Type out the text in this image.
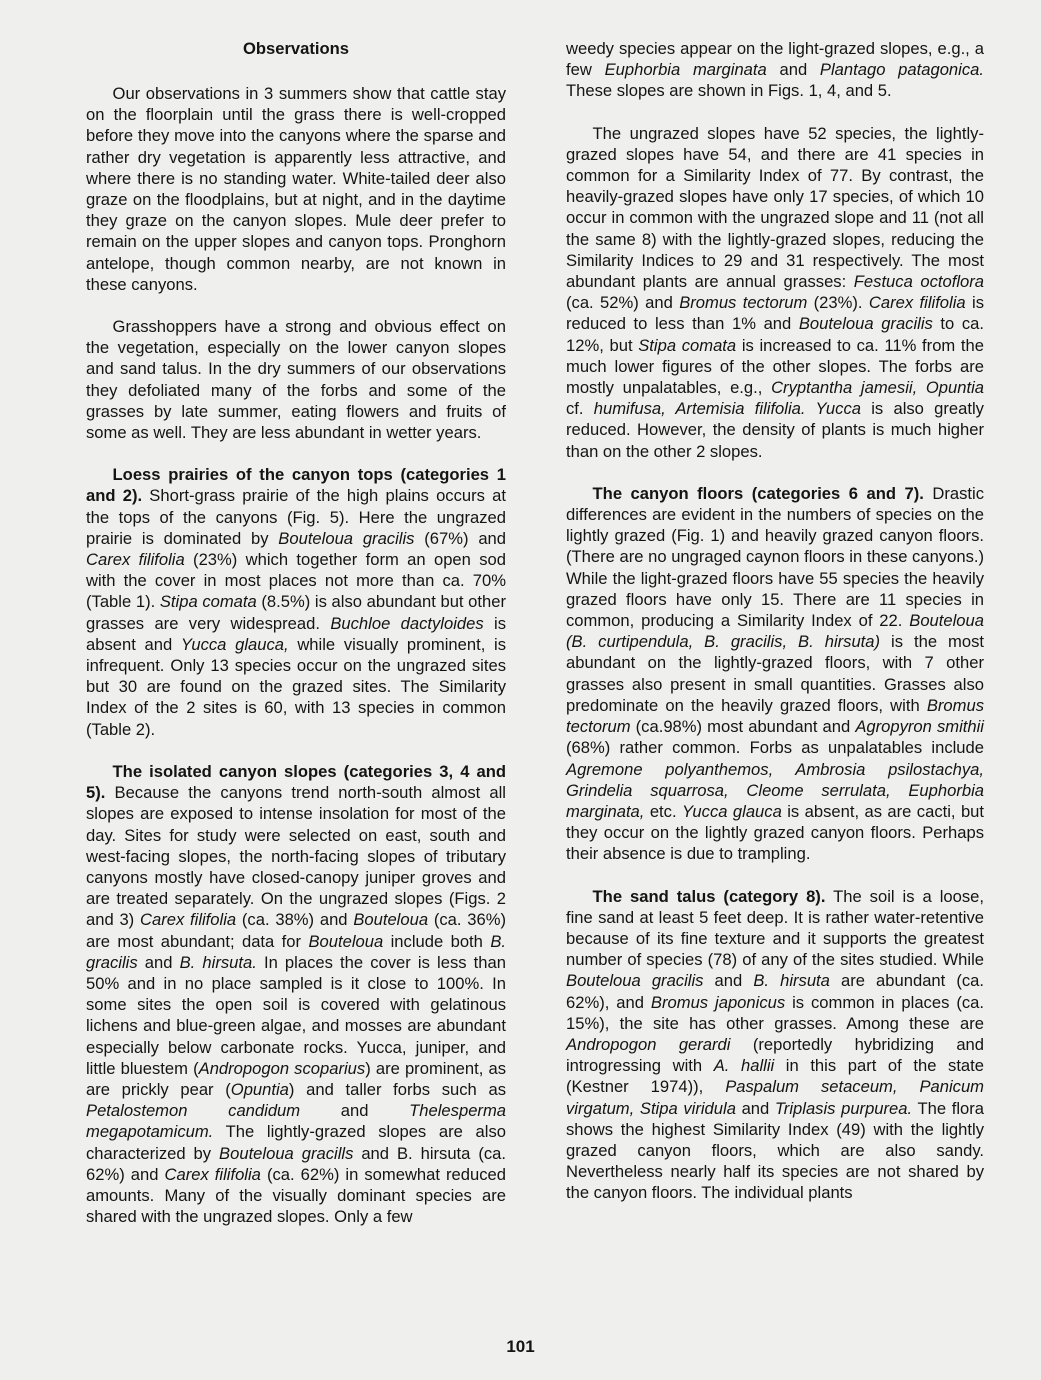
Observations

Our observations in 3 summers show that cattle stay on the floorplain until the grass there is well-cropped before they move into the canyons where the sparse and rather dry vegetation is apparently less attractive, and where there is no standing water. White-tailed deer also graze on the floodplains, but at night, and in the daytime they graze on the canyon slopes. Mule deer prefer to remain on the upper slopes and canyon tops. Pronghorn antelope, though common nearby, are not known in these canyons.

Grasshoppers have a strong and obvious effect on the vegetation, especially on the lower canyon slopes and sand talus. In the dry summers of our observations they defoliated many of the forbs and some of the grasses by late summer, eating flowers and fruits of some as well. They are less abundant in wetter years.

Loess prairies of the canyon tops (categories 1 and 2). Short-grass prairie of the high plains occurs at the tops of the canyons (Fig. 5). Here the ungrazed prairie is dominated by Bouteloua gracilis (67%) and Carex filifolia (23%) which together form an open sod with the cover in most places not more than ca. 70% (Table 1). Stipa comata (8.5%) is also abundant but other grasses are very widespread. Buchloe dactyloides is absent and Yucca glauca, while visually prominent, is infrequent. Only 13 species occur on the ungrazed sites but 30 are found on the grazed sites. The Similarity Index of the 2 sites is 60, with 13 species in common (Table 2).

The isolated canyon slopes (categories 3, 4 and 5). Because the canyons trend north-south almost all slopes are exposed to intense insolation for most of the day. Sites for study were selected on east, south and west-facing slopes, the north-facing slopes of tributary canyons mostly have closed-canopy juniper groves and are treated separately. On the ungrazed slopes (Figs. 2 and 3) Carex filifolia (ca. 38%) and Bouteloua (ca. 36%) are most abundant; data for Bouteloua include both B. gracilis and B. hirsuta. In places the cover is less than 50% and in no place sampled is it close to 100%. In some sites the open soil is covered with gelatinous lichens and blue-green algae, and mosses are abundant especially below carbonate rocks. Yucca, juniper, and little bluestem (Andropogon scoparius) are prominent, as are prickly pear (Opuntia) and taller forbs such as Petalostemon candidum and Thelesperma megapotamicum. The lightly-grazed slopes are also characterized by Bouteloua gracills and B. hirsuta (ca. 62%) and Carex filifolia (ca. 62%) in somewhat reduced amounts. Many of the visually dominant species are shared with the ungrazed slopes. Only a few

weedy species appear on the light-grazed slopes, e.g., a few Euphorbia marginata and Plantago patagonica. These slopes are shown in Figs. 1, 4, and 5.

The ungrazed slopes have 52 species, the lightly-grazed slopes have 54, and there are 41 species in common for a Similarity Index of 77. By contrast, the heavily-grazed slopes have only 17 species, of which 10 occur in common with the ungrazed slope and 11 (not all the same 8) with the lightly-grazed slopes, reducing the Similarity Indices to 29 and 31 respectively. The most abundant plants are annual grasses: Festuca octoflora (ca. 52%) and Bromus tectorum (23%). Carex filifolia is reduced to less than 1% and Bouteloua gracilis to ca. 12%, but Stipa comata is increased to ca. 11% from the much lower figures of the other slopes. The forbs are mostly unpalatables, e.g., Cryptantha jamesii, Opuntia cf. humifusa, Artemisia filifolia. Yucca is also greatly reduced. However, the density of plants is much higher than on the other 2 slopes.

The canyon floors (categories 6 and 7). Drastic differences are evident in the numbers of species on the lightly grazed (Fig. 1) and heavily grazed canyon floors. (There are no ungraged caynon floors in these canyons.) While the light-grazed floors have 55 species the heavily grazed floors have only 15. There are 11 species in common, producing a Similarity Index of 22. Bouteloua (B. curtipendula, B. gracilis, B. hirsuta) is the most abundant on the lightly-grazed floors, with 7 other grasses also present in small quantities. Grasses also predominate on the heavily grazed floors, with Bromus tectorum (ca.98%) most abundant and Agropyron smithii (68%) rather common. Forbs as unpalatables include Agremone polyanthemos, Ambrosia psilostachya, Grindelia squarrosa, Cleome serrulata, Euphorbia marginata, etc. Yucca glauca is absent, as are cacti, but they occur on the lightly grazed canyon floors. Perhaps their absence is due to trampling.

The sand talus (category 8). The soil is a loose, fine sand at least 5 feet deep. It is rather water-retentive because of its fine texture and it supports the greatest number of species (78) of any of the sites studied. While Bouteloua gracilis and B. hirsuta are abundant (ca. 62%), and Bromus japonicus is common in places (ca. 15%), the site has other grasses. Among these are Andropogon gerardi (reportedly hybridizing and introgressing with A. hallii in this part of the state (Kestner 1974)), Paspalum setaceum, Panicum virgatum, Stipa viridula and Triplasis purpurea. The flora shows the highest Similarity Index (49) with the lightly grazed canyon floors, which are also sandy. Nevertheless nearly half its species are not shared by the canyon floors. The individual plants

101
